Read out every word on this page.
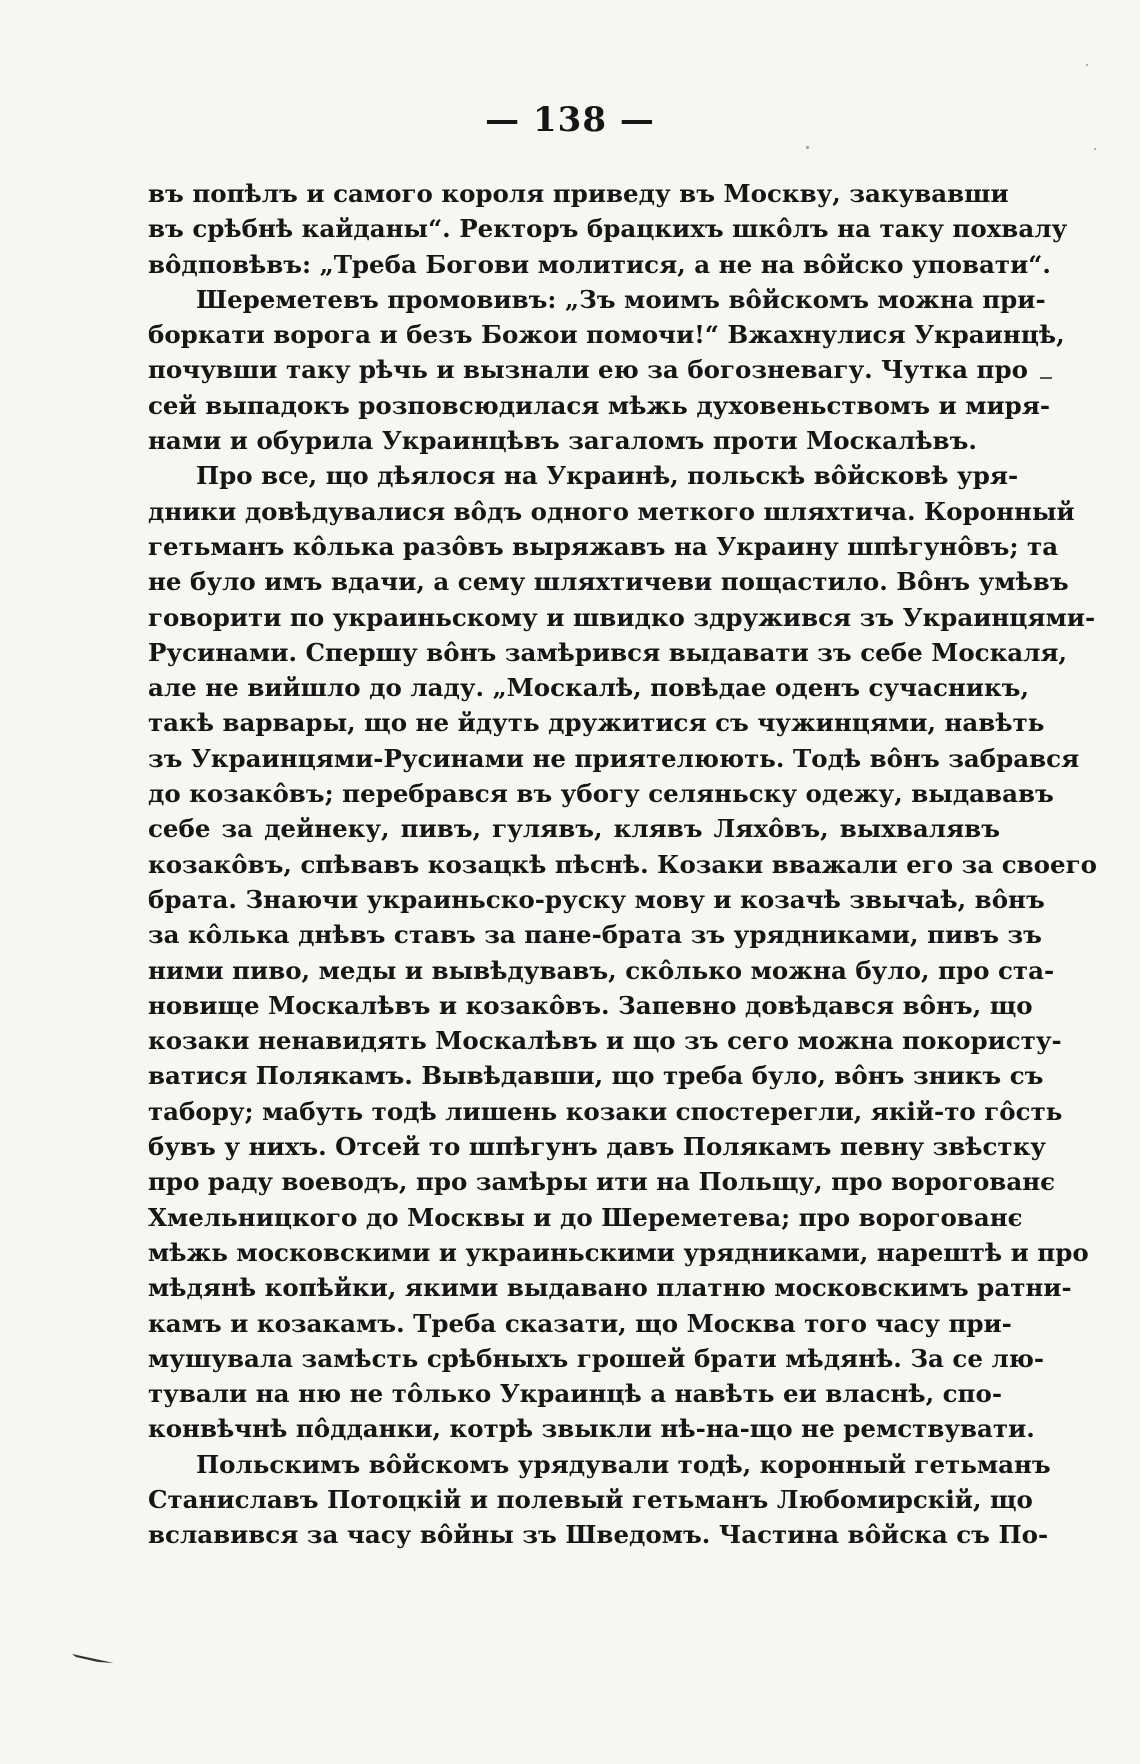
— 138 —
въ попѣлъ и самого короля приведу въ Москву, закувавши
въ срѣбнѣ кайданы“. Ректоръ брацкихъ шкôлъ на таку похвалу
вôдповѣвъ: „Треба Богови молитися, а не на вôйско уповати“.
Шереметевъ промовивъ: „Зъ моимъ вôйскомъ можна при-
боркати ворога и безъ Божои помочи!“ Вжахнулися Украинцѣ,
почувши таку рѣчь и вызнали ею за богозневагу. Чутка про
сей выпадокъ розповсюдилася мѣжь духовеньствомъ и миря-
нами и обурила Украинцѣвъ загаломъ проти Москалѣвъ.
Про все, що дѣялося на Украинѣ, польскѣ вôйсковѣ уря-
дники довѣдувалися вôдъ одного меткого шляхтича. Коронный
гетьманъ кôлька разôвъ выряжавъ на Украину шпѣгунôвъ; та
не було имъ вдачи, а сему шляхтичеви пощастило. Вôнъ умѣвъ
говорити по украиньскому и швидко здружився зъ Украинцями-
Русинами. Спершу вôнъ замѣрився выдавати зъ себе Москаля,
але не вийшло до ладу. „Москалѣ, повѣдае оденъ сучасникъ,
такѣ варвары, що не йдуть дружитися съ чужинцями, навѣть
зъ Украинцями-Русинами не приятелюють. Тодѣ вôнъ забрався
до козакôвъ; перебрався въ убогу селяньску одежу, выдававъ
себе за дейнеку, пивъ, гулявъ, клявъ Ляхôвъ, выхвалявъ
козакôвъ, спѣвавъ козацкѣ пѣснѣ. Козаки вважали его за своего
брата. Знаючи украиньско-руску мову и козачѣ звычаѣ, вôнъ
за кôлька днѣвъ ставъ за пане-брата зъ урядниками, пивъ зъ
ними пиво, меды и вывѣдувавъ, скôлько можна було, про ста-
новище Москалѣвъ и козакôвъ. Запевно довѣдався вôнъ, що
козаки ненавидять Москалѣвъ и що зъ сего можна покористу-
ватися Полякамъ. Вывѣдавши, що треба було, вôнъ зникъ съ
табору; мабуть тодѣ лишень козаки спостерегли, якій-то гôсть
бувъ у нихъ. Отсей то шпѣгунъ давъ Полякамъ певну звѣстку
про раду воеводъ, про замѣры ити на Польщу, про ворогованє
Хмельницкого до Москвы и до Шереметева; про ворогованє
мѣжь московскими и украиньскими урядниками, нарештѣ и про
мѣдянѣ копѣйки, якими выдавано платню московскимъ ратни-
камъ и козакамъ. Треба сказати, що Москва того часу при-
мушувала замѣсть срѣбныхъ грошей брати мѣдянѣ. За се лю-
тували на ню не тôлько Украинцѣ а навѣть еи власнѣ, спо-
конвѣчнѣ пôдданки, котрѣ звыкли нѣ-на-що не ремствувати.
Польскимъ вôйскомъ урядували тодѣ, коронный гетьманъ
Станиславъ Потоцкій и полевый гетьманъ Любомирскій, що
вславився за часу вôйны зъ Шведомъ. Частина вôйска съ По-
